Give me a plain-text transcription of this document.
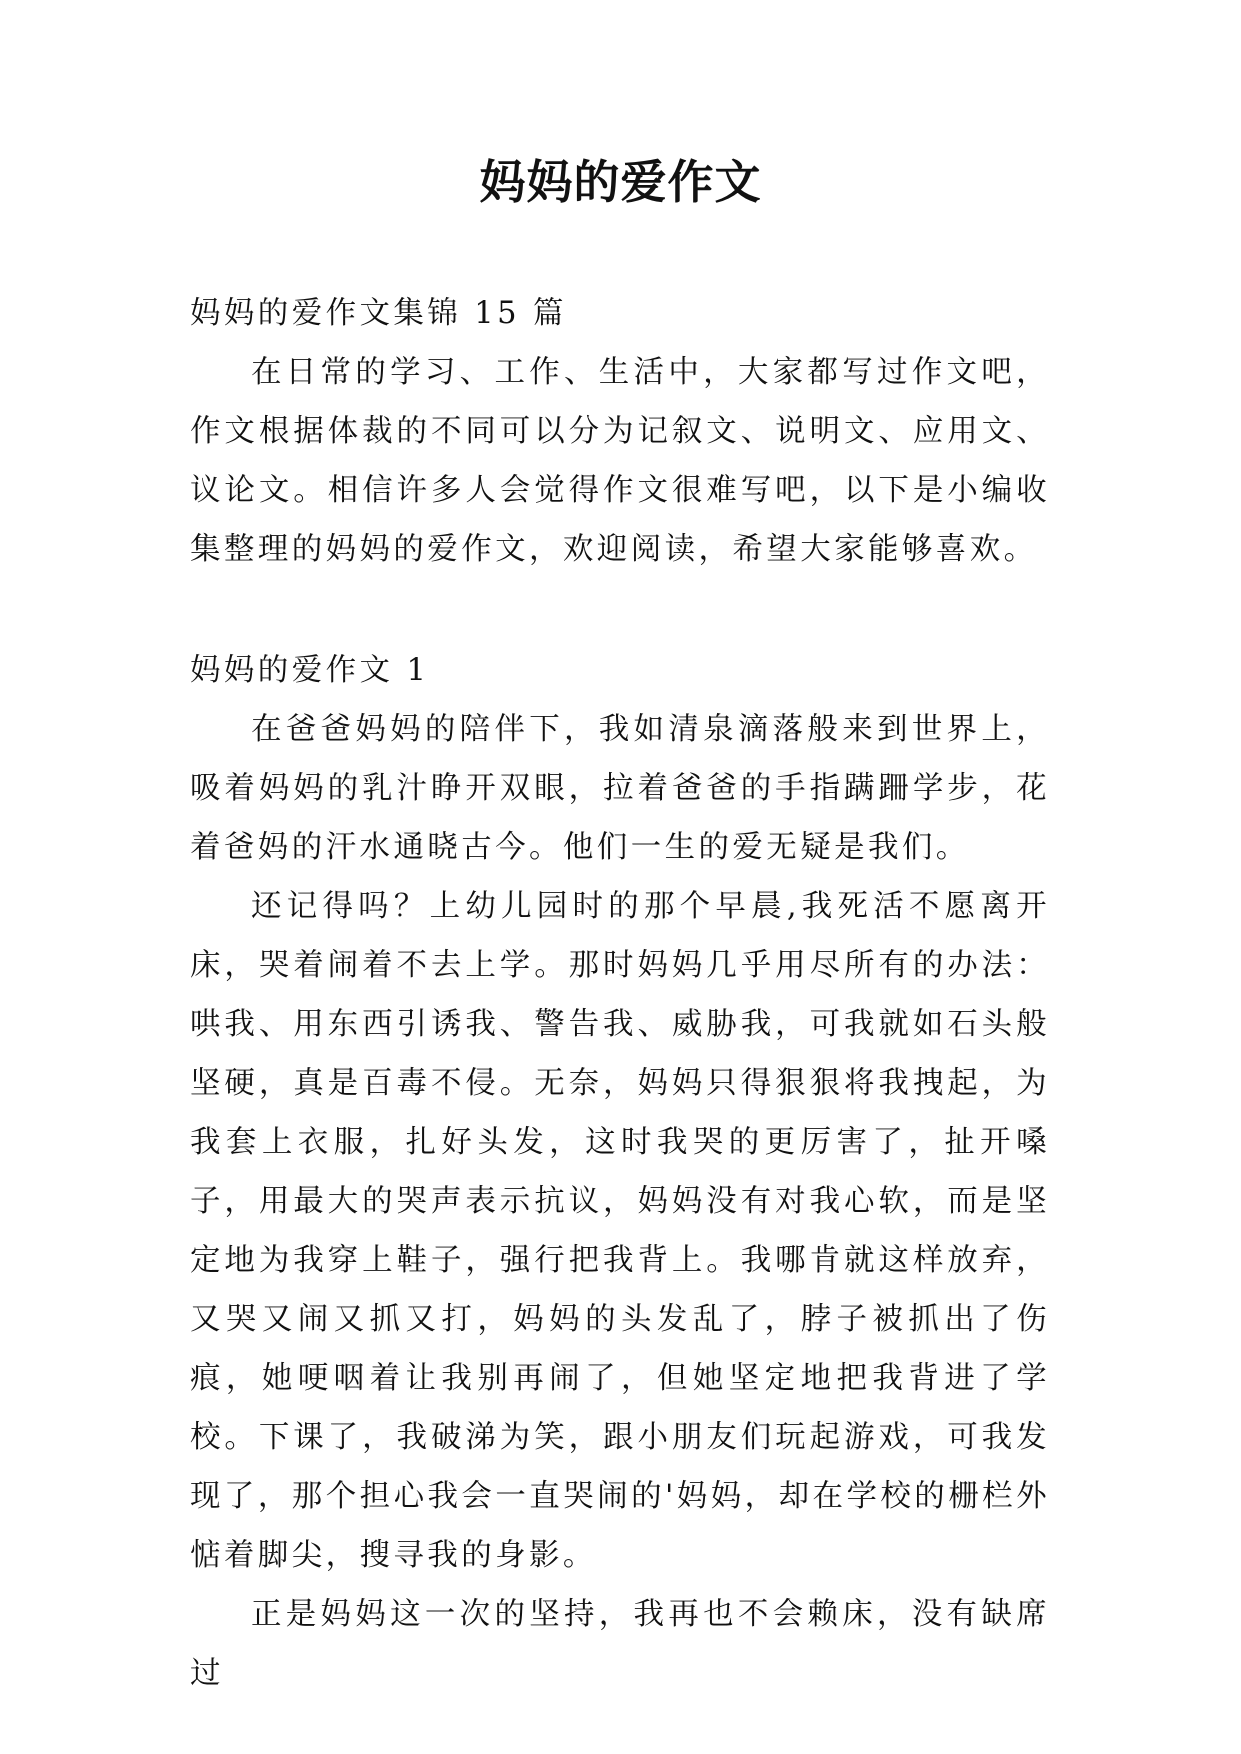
妈妈的爱作文

妈妈的爱作文集锦 15 篇

在日常的学习、工作、生活中，大家都写过作文吧，作文根据体裁的不同可以分为记叙文、说明文、应用文、议论文。相信许多人会觉得作文很难写吧，以下是小编收集整理的妈妈的爱作文，欢迎阅读，希望大家能够喜欢。

妈妈的爱作文 1

在爸爸妈妈的陪伴下，我如清泉滴落般来到世界上，吸着妈妈的乳汁睁开双眼，拉着爸爸的手指蹒跚学步，花着爸妈的汗水通晓古今。他们一生的爱无疑是我们。

还记得吗？上幼儿园时的那个早晨,我死活不愿离开床，哭着闹着不去上学。那时妈妈几乎用尽所有的办法：哄我、用东西引诱我、警告我、威胁我，可我就如石头般坚硬，真是百毒不侵。无奈，妈妈只得狠狠将我拽起，为我套上衣服，扎好头发，这时我哭的更厉害了，扯开嗓子，用最大的哭声表示抗议，妈妈没有对我心软，而是坚定地为我穿上鞋子，强行把我背上。我哪肯就这样放弃，又哭又闹又抓又打，妈妈的头发乱了，脖子被抓出了伤痕，她哽咽着让我别再闹了，但她坚定地把我背进了学校。下课了，我破涕为笑，跟小朋友们玩起游戏，可我发现了，那个担心我会一直哭闹的'妈妈，却在学校的栅栏外惦着脚尖，搜寻我的身影。

正是妈妈这一次的坚持，我再也不会赖床，没有缺席过
